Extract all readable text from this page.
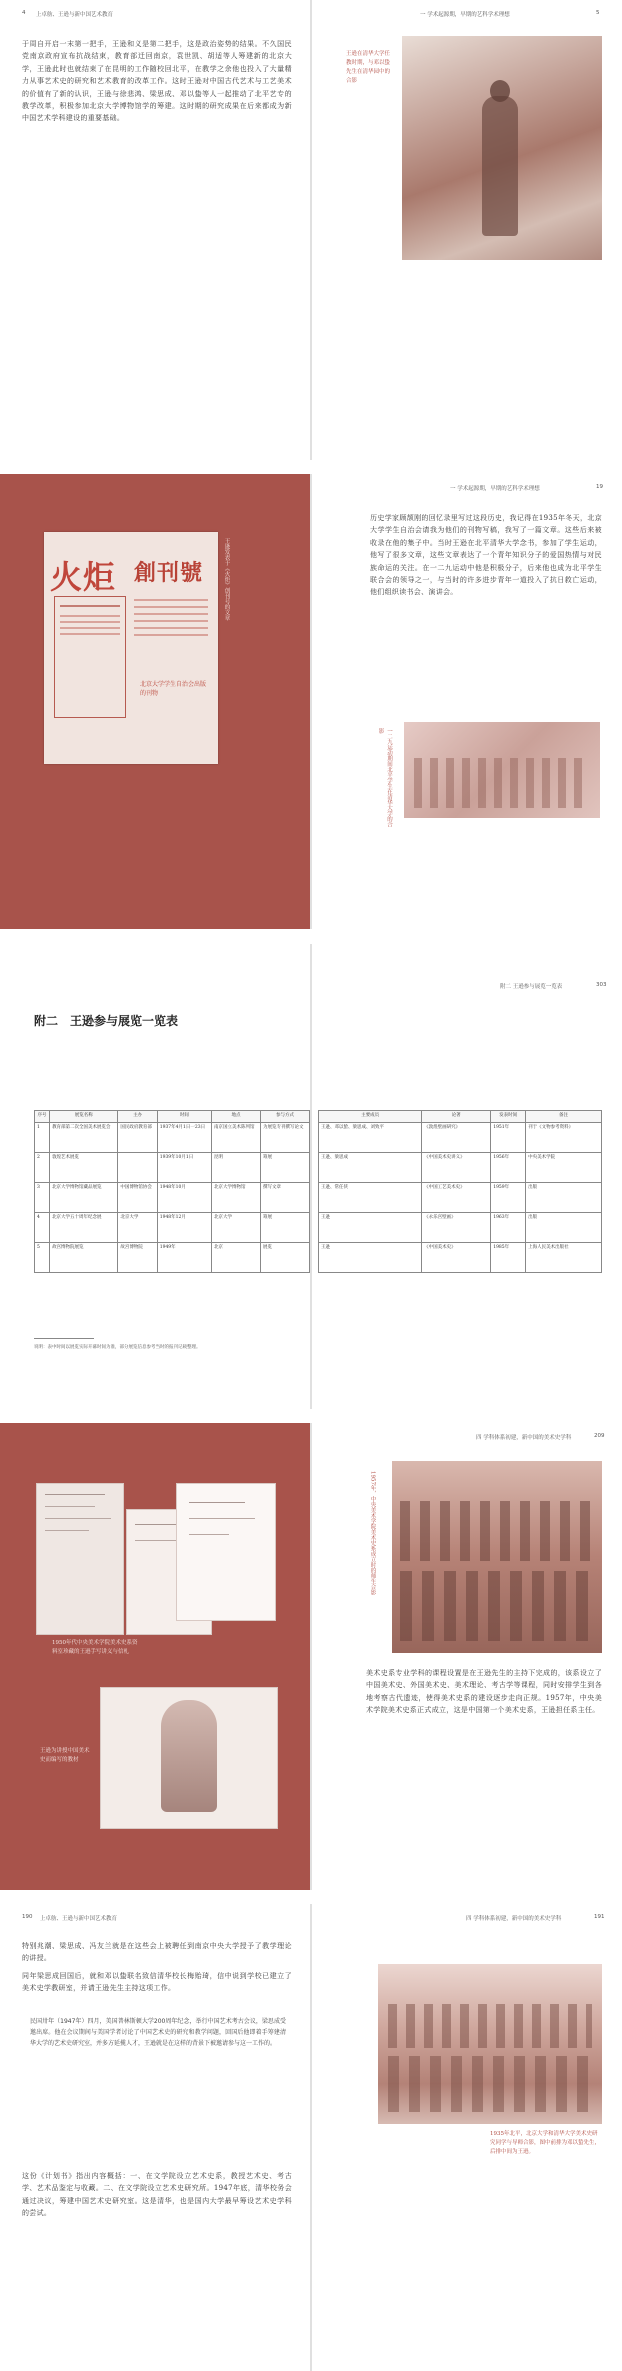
4 上卓舫、王逊与新中国艺术教育
于周自开启一末第一把手，王逊和义是第二把手，这是政治姿势的结果。不久国民党南京政府宣布抗战结束，教育部迁回南京，袁世凯、胡适等人筹建新的北京大学，王逊此时也就结束了在昆明的工作随校回北平，在教学之余他也投入了大量精力从事艺术史的研究和艺术教育的改革工作。这时王逊对中国古代艺术与工艺美术的价值有了新的认识，王逊与徐悲鸿、梁思成、邓以蛰等人一起推动了北平艺专的教学改革，积极参加北京大学博物馆学的筹建。这时期的研究成果在后来都成为新中国艺术学科建设的重要基础。
一 学术起源期，早期的艺科学术理想	5
王逊在清华大学任教时期，与邓以蛰先生在清华园中的合影
火炬 創刊號
北京大学学生自治会出版的刊物
王逊发表于《火炬》创刊号的文章
一 学术起源期，早期的艺科学术理想	19
历史学家顾颉刚的回忆录里写过这段历史，我记得在1935年冬天，北京大学学生自治会请我为他们的刊物写稿，我写了一篇文章。这些后来被收录在他的集子中。当时王逊在北平清华大学念书，参加了学生运动，他写了很多文章，这些文章表达了一个青年知识分子的爱国热情与对民族命运的关注。在一二九运动中他是积极分子，后来他也成为北平学生联合会的领导之一，与当时的许多进步青年一道投入了抗日救亡运动，他们组织读书会、演讲会。
一二九运动期间北平学生在清华大学的合影
附二 王逊参与展览一览表	303
附二　王逊参与展览一览表
序号	展览名称	主办	时间	地点	参与方式
1	教育部第二次全国美术展览会	国民政府教育部	1937年4月1日一23日	南京国立美术陈列馆	为展览专刊撰写论文
2	敦煌艺术展览		1939年10月1日	昆明	筹展
3	北京大学博物馆藏品展览	中国博物馆协会	1948年10月	北京大学博物馆	撰写文章
4	北京大学五十周年纪念展	北京大学	1948年12月	北京大学	筹展
5	故宫博物院展览	故宫博物院	1949年	北京	展览
主要成员	论著	发表时间	备注
王逊、邓以蛰、梁思成、刘致平	《敦煌壁画研究》	1951年	刊于《文物参考资料》
王逊、梁思成	《中国美术史讲义》	1956年	中央美术学院
王逊、常任侠	《中国工艺美术史》	1959年	出版
王逊	《永乐宫壁画》	1963年	出版
王逊	《中国美术史》	1985年	上海人民美术出版社
说明：表中时间以展览实际开幕时间为准，部分展览信息参考当时的报刊记载整理。
1950年代中央美术学院美术史系资料室珍藏的王逊手写讲义与信札
王逊为讲授中国美术史而编写的教材
四 学科体系初建，新中国的美术史学科	209
1957年，中央美术学院美术史系成立时的师生合影
美术史系专业学科的课程设置是在王逊先生的主持下完成的，该系设立了中国美术史、外国美术史、美术理论、考古学等课程，同时安排学生到各地考察古代遗迹，使得美术史系的建设逐步走向正规。1957年，中央美术学院美术史系正式成立，这是中国第一个美术史系，王逊担任系主任。
190 上卓舫、王逊与新中国艺术教育
特别兆潮、梁思成、冯友兰就是在这些会上被聘任到南京中央大学授予了教学理论的讲授。
同年梁思成回国后，就和邓以蛰联名致信清华校长梅贻琦，信中说到学校已建立了美术史学教研室，并请王逊先生主持这项工作。
民国卅年（1947年）四月，美国普林斯顿大学200周年纪念，举行中国艺术考古会议，梁思成受邀出席。他在会议期间与美国学者讨论了中国艺术史的研究和教学问题，回国后他即着手筹建清华大学的艺术史研究室，并多方延揽人才，王逊就是在这样的背景下被邀请参与这一工作的。
这份《计划书》指出内容概括：一、在文学院设立艺术史系，教授艺术史、考古学、艺术品鉴定与收藏。二、在文学院设立艺术史研究所。1947年底，清华校务会通过决议，筹建中国艺术史研究室。这是清华，也是国内大学最早筹设艺术史学科的尝试。
四 学科体系初建，新中国的美术史学科	191
1935年北平，北京大学和清华大学美术史研究同学与导师合影，图中前排为邓以蛰先生，后排中间为王逊。
